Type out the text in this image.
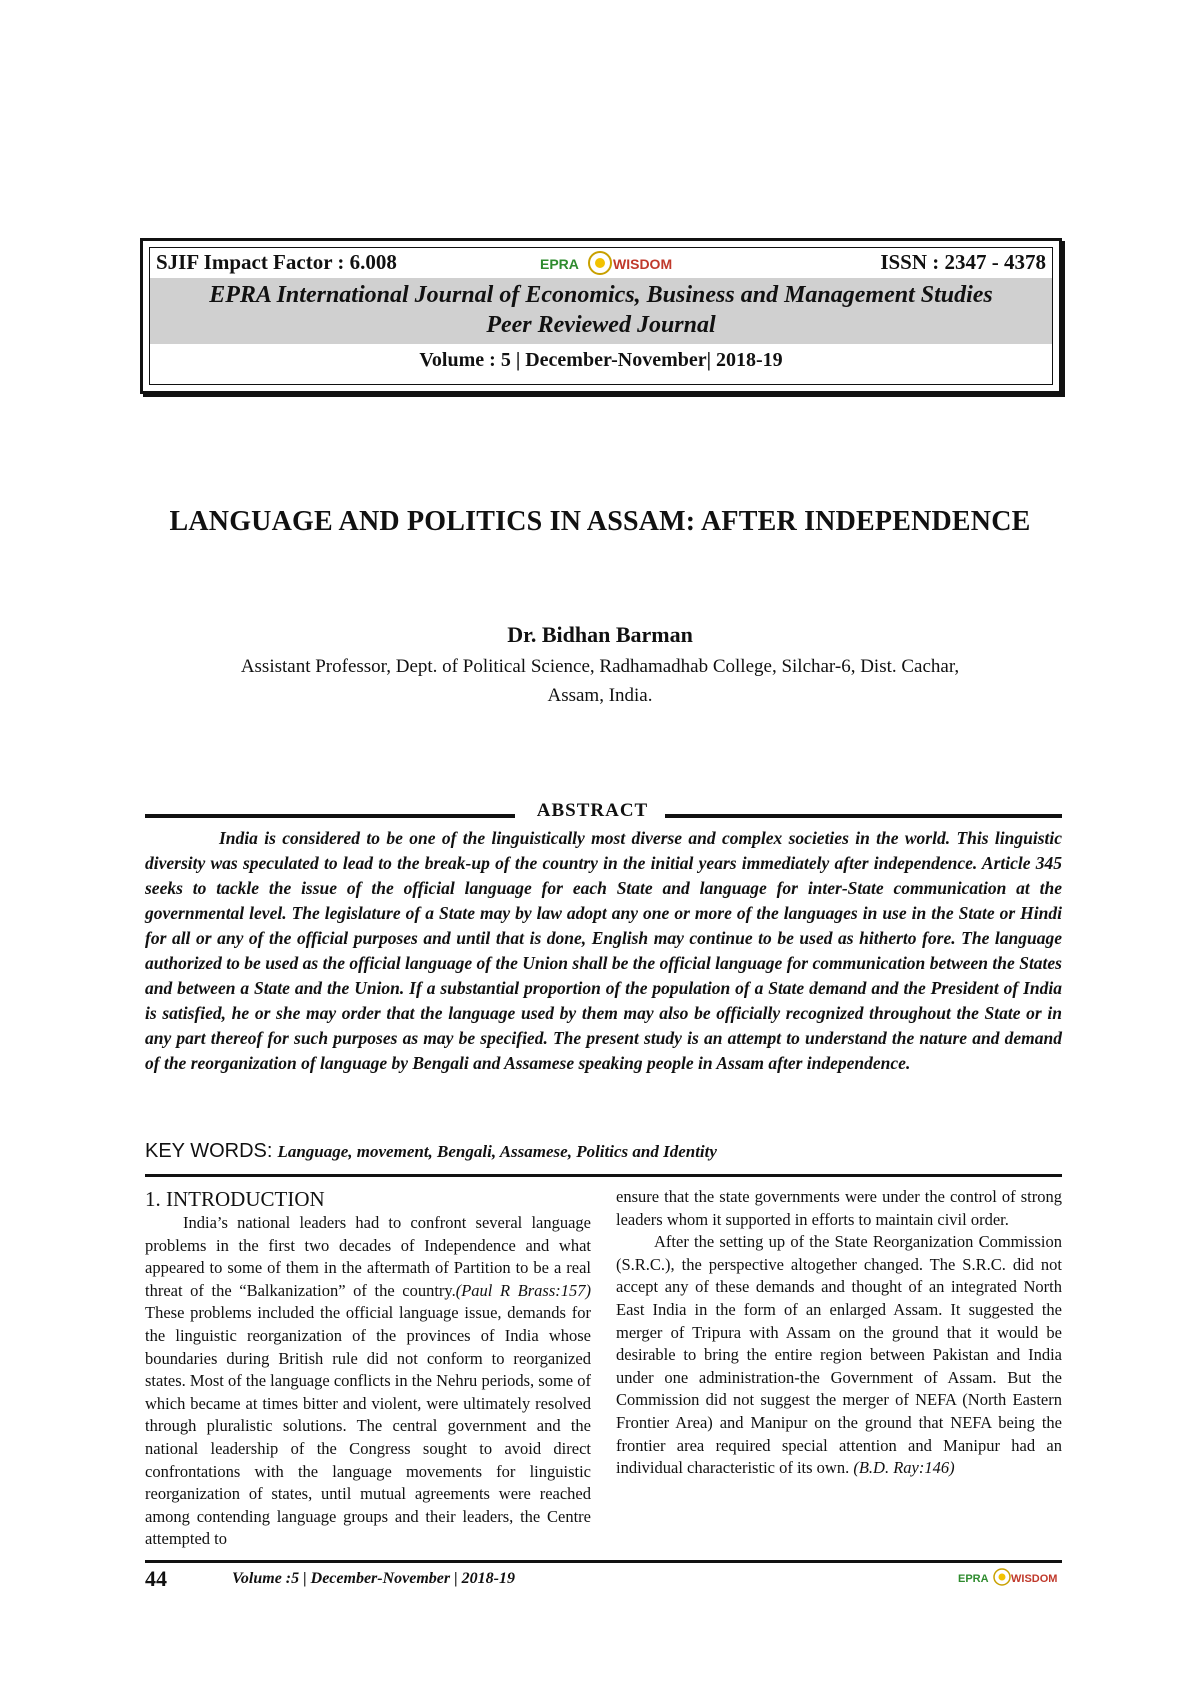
SJIF Impact Factor : 6.008	EPRA WISDOM	ISSN : 2347 - 4378
EPRA International Journal of Economics, Business and Management Studies
Peer Reviewed Journal
Volume : 5 | December-November| 2018-19
LANGUAGE AND POLITICS IN ASSAM: AFTER INDEPENDENCE
Dr. Bidhan Barman
Assistant Professor, Dept. of Political Science, Radhamadhab College, Silchar-6, Dist. Cachar,
Assam, India.
ABSTRACT
India is considered to be one of the linguistically most diverse and complex societies in the world. This linguistic diversity was speculated to lead to the break-up of the country in the initial years immediately after independence. Article 345 seeks to tackle the issue of the official language for each State and language for inter-State communication at the governmental level. The legislature of a State may by law adopt any one or more of the languages in use in the State or Hindi for all or any of the official purposes and until that is done, English may continue to be used as hitherto fore. The language authorized to be used as the official language of the Union shall be the official language for communication between the States and between a State and the Union. If a substantial proportion of the population of a State demand and the President of India is satisfied, he or she may order that the language used by them may also be officially recognized throughout the State or in any part thereof for such purposes as may be specified. The present study is an attempt to understand the nature and demand of the reorganization of language by Bengali and Assamese speaking people in Assam after independence.
KEY WORDS: Language, movement, Bengali, Assamese, Politics and Identity
1. INTRODUCTION

India’s national leaders had to confront several language problems in the first two decades of Independence and what appeared to some of them in the aftermath of Partition to be a real threat of the “Balkanization” of the country.(Paul R Brass:157) These problems included the official language issue, demands for the linguistic reorganization of the provinces of India whose boundaries during British rule did not conform to reorganized states. Most of the language conflicts in the Nehru periods, some of which became at times bitter and violent, were ultimately resolved through pluralistic solutions. The central government and the national leadership of the Congress sought to avoid direct confrontations with the language movements for linguistic reorganization of states, until mutual agreements were reached among contending language groups and their leaders, the Centre attempted to

ensure that the state governments were under the control of strong leaders whom it supported in efforts to maintain civil order.

After the setting up of the State Reorganization Commission (S.R.C.), the perspective altogether changed. The S.R.C. did not accept any of these demands and thought of an integrated North East India in the form of an enlarged Assam. It suggested the merger of Tripura with Assam on the ground that it would be desirable to bring the entire region between Pakistan and India under one administration-the Government of Assam. But the Commission did not suggest the merger of NEFA (North Eastern Frontier Area) and Manipur on the ground that NEFA being the frontier area required special attention and Manipur had an individual characteristic of its own. (B.D. Ray:146)

44	Volume :5 | December-November | 2018-19	EPRA WISDOM
